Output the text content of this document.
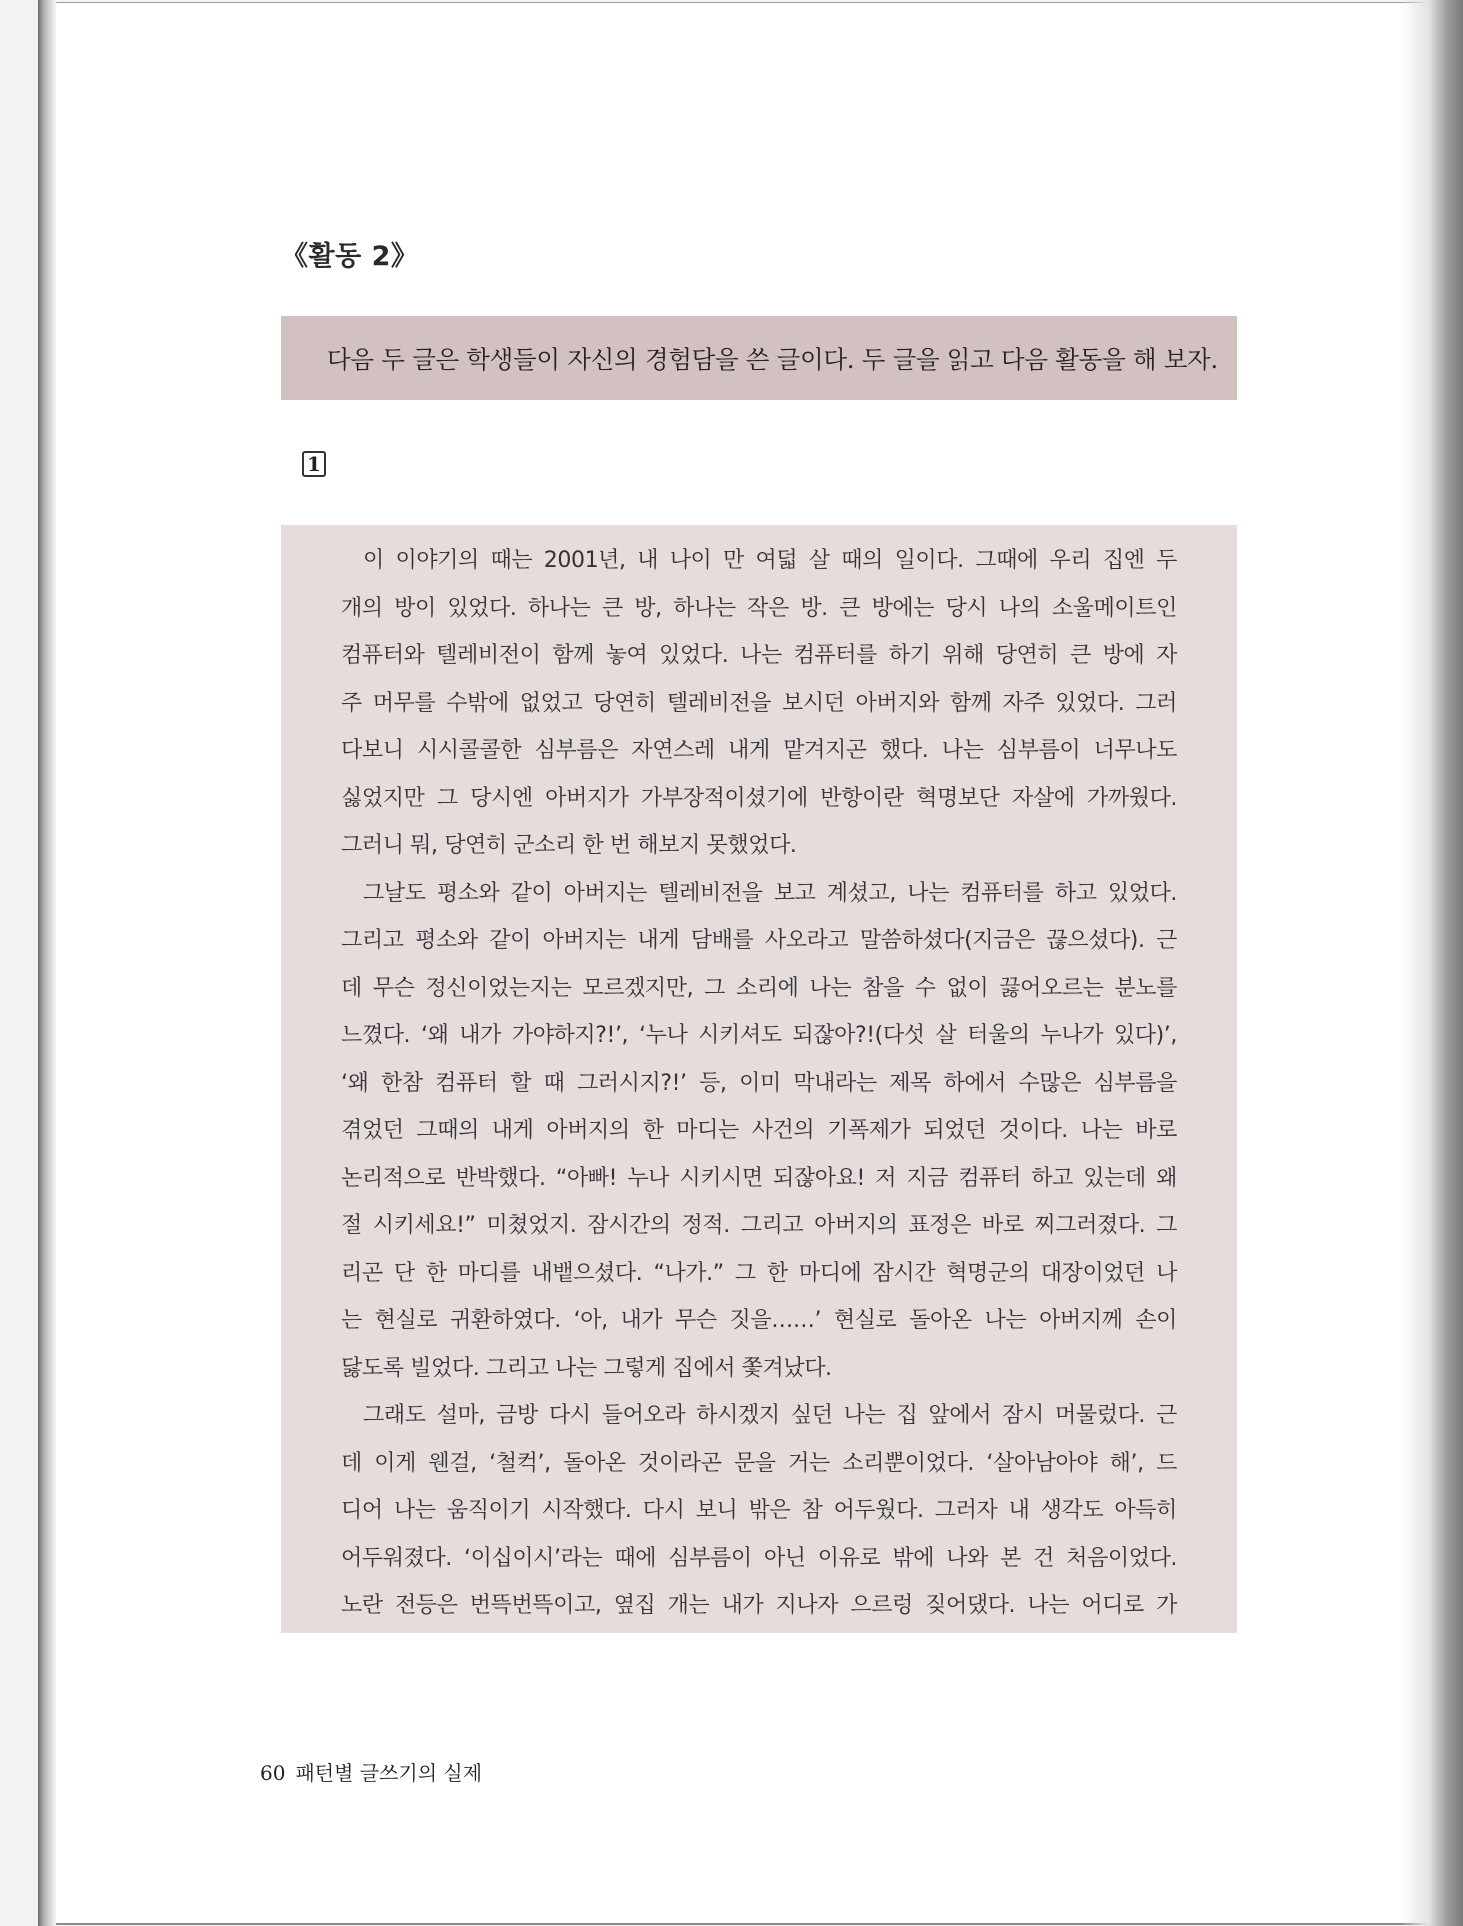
《활동 2》
다음 두 글은 학생들이 자신의 경험담을 쓴 글이다. 두 글을 읽고 다음 활동을 해 보자.
1
이 이야기의 때는 2001년, 내 나이 만 여덟 살 때의 일이다. 그때에 우리 집엔 두
개의 방이 있었다. 하나는 큰 방, 하나는 작은 방. 큰 방에는 당시 나의 소울메이트인
컴퓨터와 텔레비전이 함께 놓여 있었다. 나는 컴퓨터를 하기 위해 당연히 큰 방에 자
주 머무를 수밖에 없었고 당연히 텔레비전을 보시던 아버지와 함께 자주 있었다. 그러
다보니 시시콜콜한 심부름은 자연스레 내게 맡겨지곤 했다. 나는 심부름이 너무나도
싫었지만 그 당시엔 아버지가 가부장적이셨기에 반항이란 혁명보단 자살에 가까웠다.
그러니 뭐, 당연히 군소리 한 번 해보지 못했었다.
그날도 평소와 같이 아버지는 텔레비전을 보고 계셨고, 나는 컴퓨터를 하고 있었다.
그리고 평소와 같이 아버지는 내게 담배를 사오라고 말씀하셨다(지금은 끊으셨다). 근
데 무슨 정신이었는지는 모르겠지만, 그 소리에 나는 참을 수 없이 끓어오르는 분노를
느꼈다. ‘왜 내가 가야하지?!’, ‘누나 시키셔도 되잖아?!(다섯 살 터울의 누나가 있다)’,
‘왜 한참 컴퓨터 할 때 그러시지?!’ 등, 이미 막내라는 제목 하에서 수많은 심부름을
겪었던 그때의 내게 아버지의 한 마디는 사건의 기폭제가 되었던 것이다. 나는 바로
논리적으로 반박했다. “아빠! 누나 시키시면 되잖아요! 저 지금 컴퓨터 하고 있는데 왜
절 시키세요!” 미쳤었지. 잠시간의 정적. 그리고 아버지의 표정은 바로 찌그러졌다. 그
리곤 단 한 마디를 내뱉으셨다. “나가.” 그 한 마디에 잠시간 혁명군의 대장이었던 나
는 현실로 귀환하였다. ‘아, 내가 무슨 짓을……’ 현실로 돌아온 나는 아버지께 손이
닳도록 빌었다. 그리고 나는 그렇게 집에서 쫓겨났다.
그래도 설마, 금방 다시 들어오라 하시겠지 싶던 나는 집 앞에서 잠시 머물렀다. 근
데 이게 웬걸, ‘철컥’, 돌아온 것이라곤 문을 거는 소리뿐이었다. ‘살아남아야 해’, 드
디어 나는 움직이기 시작했다. 다시 보니 밖은 참 어두웠다. 그러자 내 생각도 아득히
어두워졌다. ‘이십이시’라는 때에 심부름이 아닌 이유로 밖에 나와 본 건 처음이었다.
노란 전등은 번뜩번뜩이고, 옆집 개는 내가 지나자 으르렁 짖어댔다. 나는 어디로 가
60 패턴별 글쓰기의 실제
